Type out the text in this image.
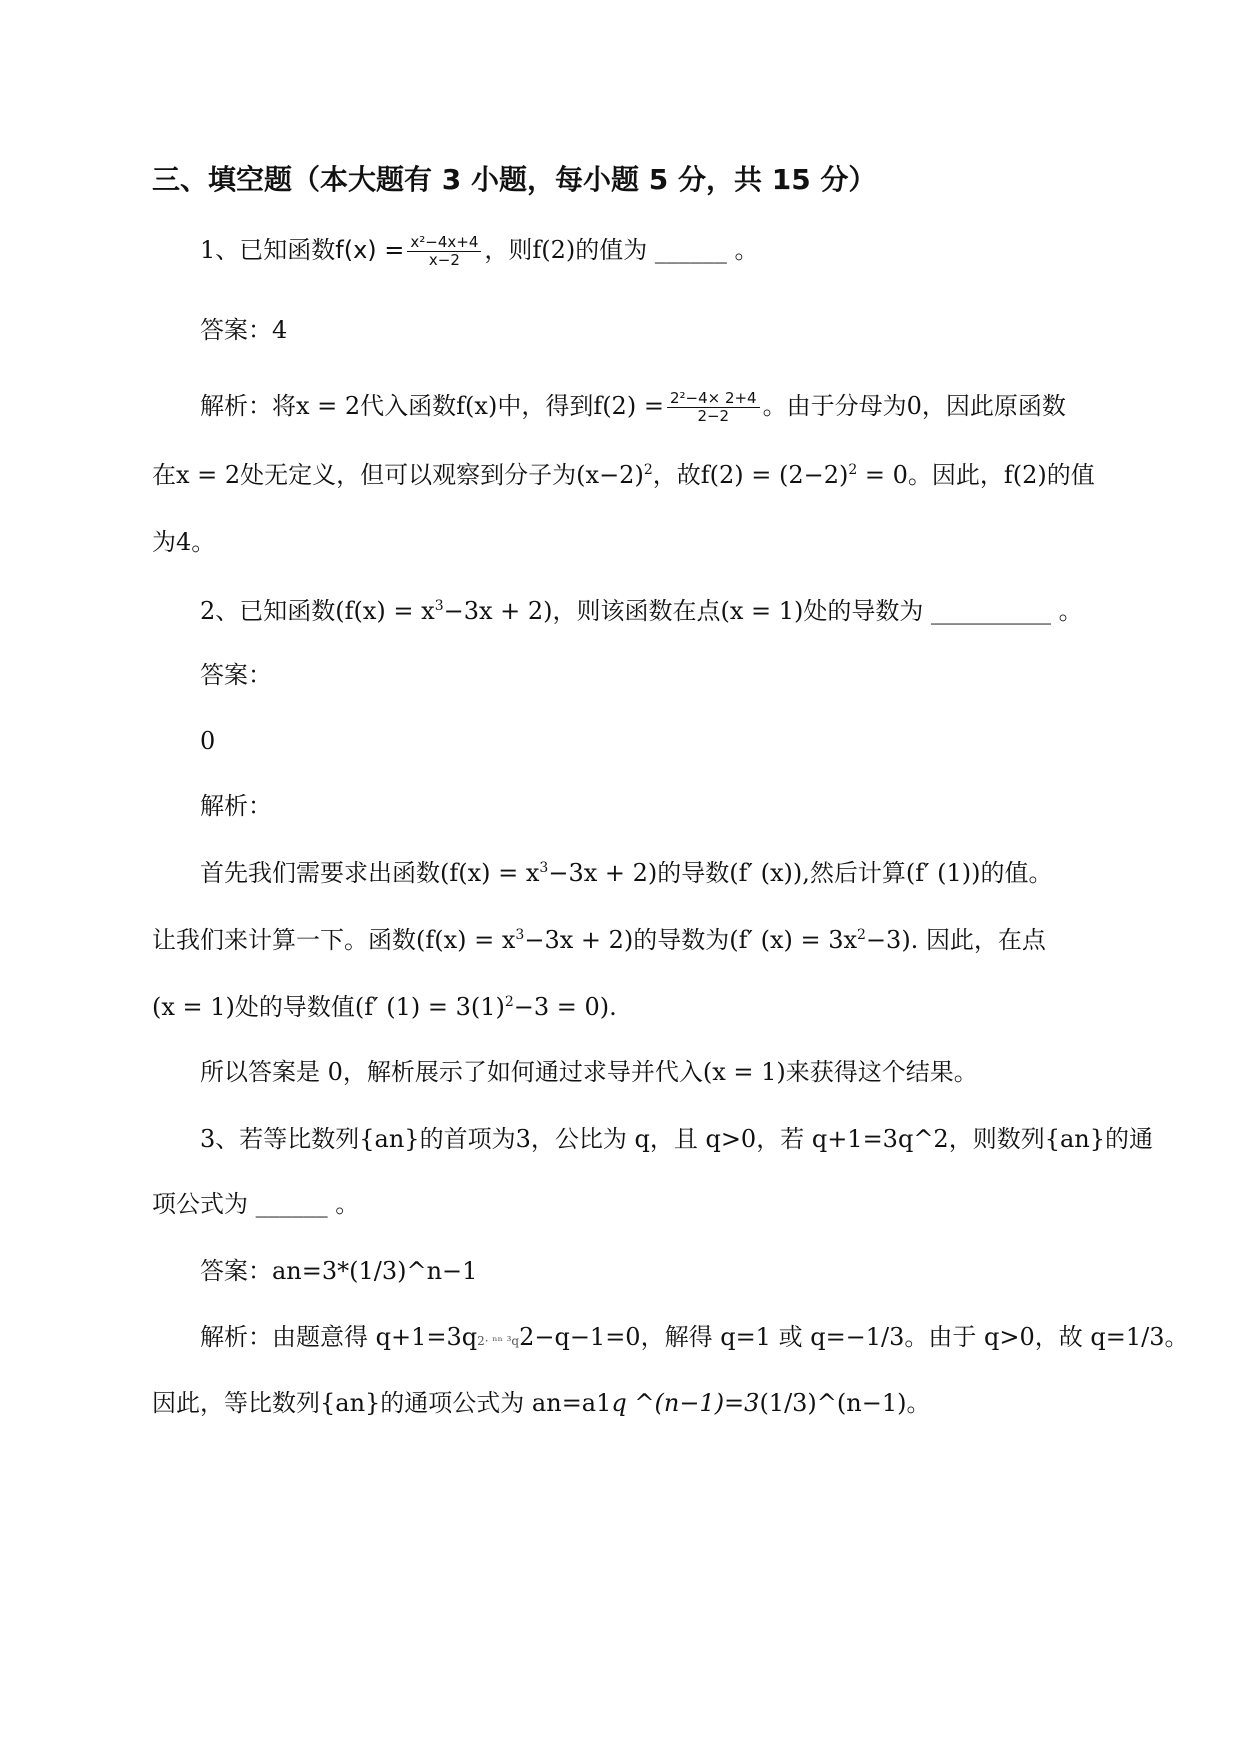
三、填空题（本大题有 3 小题，每小题 5 分，共 15 分）
1、已知函数$f(x) = \frac{\text{x²−4x+4}}{x-2}$ ，则f(2)的值为 ______ 。
答案：4
解析：将x = 2代入函数f(x)中，得到$f(2) = \frac{\text{2²−4× 2+4}}{2-2}$ 。由于分母为0，因此原函数
在x = 2处无定义，但可以观察到分子为$(x-2)^2$，故$f(2) = (2-2)^2 = 0$。因此，f(2)的值
为4。
2、已知函数$(f(x) = x^3-3x + 2)$，则该函数在点(x = 1)处的导数为 __________ 。
答案：
0
解析：
首先我们需要求出函数$(f(x) = x^3-3x + 2)$的导数(f′ (x)),然后计算(f′ (1))的值。
让我们来计算一下。函数$(f(x) = x^3-3x + 2)$的导数为(f′ $(x) = 3x^2-3$). 因此，在点
(x = 1)处的导数值(f′ $(1) = 3(1)^2-3 = 0$).
所以答案是 0，解析展示了如何通过求导并代入(x = 1)来获得这个结果。
3、若等比数列{an}的首项为3，公比为 q，且 q>0，若 q+1=3q^2，则数列{an}的通
项公式为 ______ 。
答案：an=3*(1/3)^n−1
解析：由题意得 q+1=3q2· ⁿⁿ ³q2−q−1=0，解得 q=1 或 q=−1/3。由于 q>0，故 q=1/3。
因此，等比数列{an}的通项公式为 an=a1q ^(n−1)=3(1/3)^(n−1)。
